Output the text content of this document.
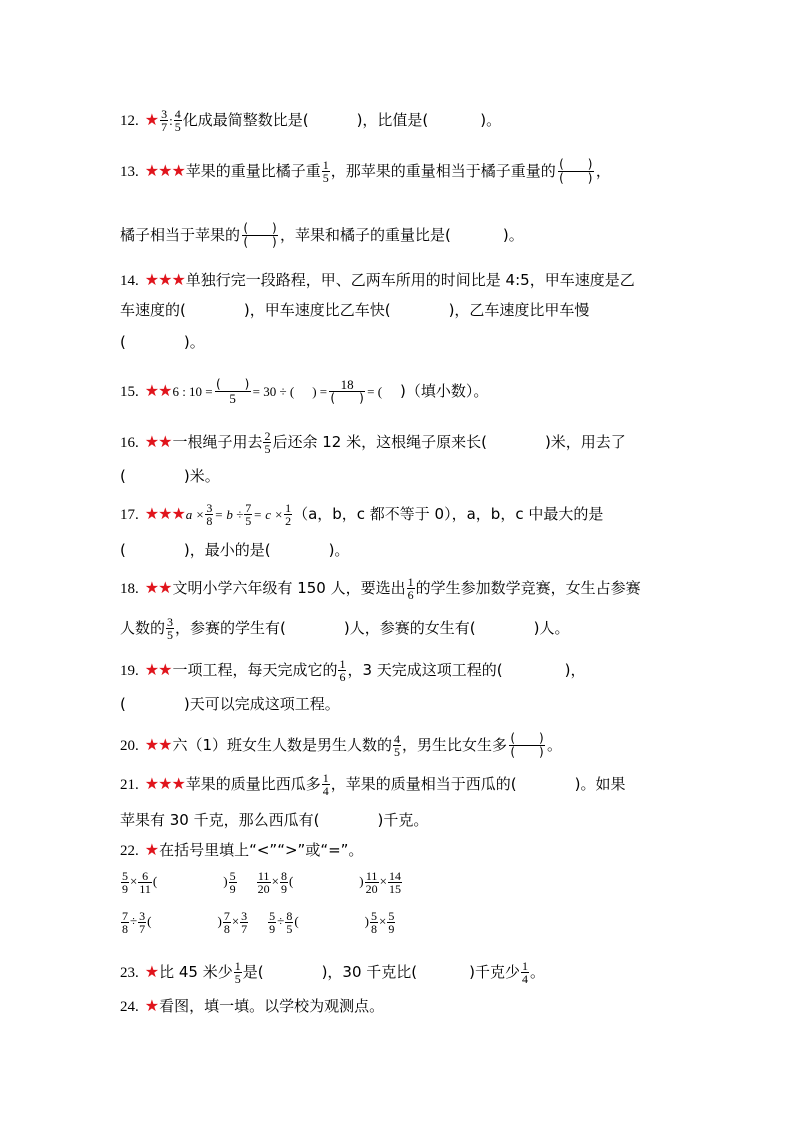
12. ★ $\frac{3}{7}$ : $\frac{4}{5}$ 化成最简整数比是(	)，比值是(	)。
13. ★★★苹果的重量比橘子重 $\frac{1}{5}$ ，那苹果的重量相当于橘子重量的 (　　)
(　　) ，
橘子相当于苹果的 (　　)
(　　) ，苹果和橘子的重量比是(	)。
14. ★★★单独行完一段路程，甲、乙两车所用的时间比是 4:5，甲车速度是乙
车速度的(	)，甲车速度比乙车快(	)，乙车速度比甲车慢
(	)。
15. ★★6 : 10 = (　　)
5 = 30 ÷ ( ) = 18
(　　) = ( )（填小数）。
16. ★★一根绳子用去 $\frac{2}{5}$ 后还余 12 米，这根绳子原来长(	)米，用去了
(	)米。
17. ★★★a × $\frac{3}{8} = b \div \frac{7}{5} = c \times \frac{1}{2} (a$，b，c 都不等于 0），a，b，c 中最大的是
(	)，最小的是(	)。
18. ★★文明小学六年级有 150 人，要选出 $\frac{1}{6}$ 的学生参加数学竞赛，女生占参赛
人数的 $\frac{3}{5}$ ，参赛的学生有(	)人，参赛的女生有(	)人。
19. ★★一项工程，每天完成它的 $\frac{1}{6}$ ，3 天完成这项工程的(	)，
(	)天可以完成这项工程。
20. ★★六（1）班女生人数是男生人数的 $\frac{4}{5}$ ，男生比女生多 (　　)
(　　) 。
21. ★★★苹果的质量比西瓜多 $\frac{1}{4}$ ，苹果的质量相当于西瓜的(	)。如果
苹果有 30 千克，那么西瓜有(	)千克。
22. ★在括号里填上“<”“>”或“=”。
$\frac{5}{9} \times \frac{6}{11}$ (	) $\frac{5}{9} \frac{11}{20} \times \frac{8}{9}$ (	) $\frac{11}{20} \times \frac{14}{15}$
$\frac{7}{8} \div \frac{3}{7}$ (	) $\frac{7}{8} \times \frac{3}{7} \frac{5}{9} \div \frac{8}{5}$ (	) $\frac{5}{8} \times \frac{5}{9}$
23. ★比 45 米少 $\frac{1}{5}$ 是(	)，30 千克比(	)千克少 $\frac{1}{4}$ 。
24. ★看图，填一填。以学校为观测点。
